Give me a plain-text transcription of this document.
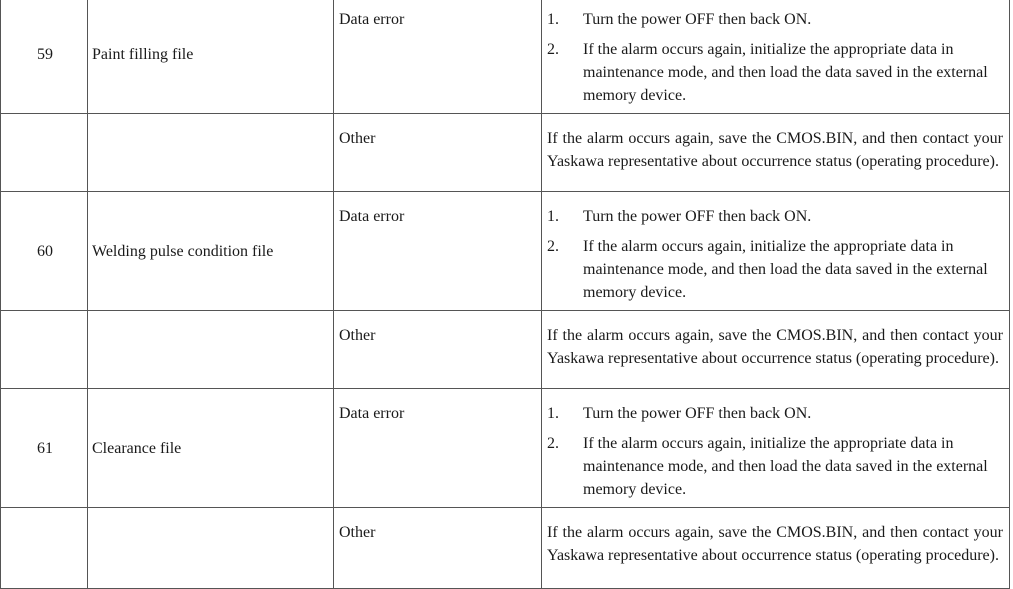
59	Paint filling file	Data error	1. Turn the power OFF then back ON.
2. If the alarm occurs again, initialize the appropriate data in maintenance mode, and then load the data saved in the external memory device.

		Other	If the alarm occurs again, save the CMOS.BIN, and then contact your Yaskawa representative about occurrence status (operating procedure).

60	Welding pulse condition file	Data error	1. Turn the power OFF then back ON.
2. If the alarm occurs again, initialize the appropriate data in maintenance mode, and then load the data saved in the external memory device.

		Other	If the alarm occurs again, save the CMOS.BIN, and then contact your Yaskawa representative about occurrence status (operating procedure).

61	Clearance file	Data error	1. Turn the power OFF then back ON.
2. If the alarm occurs again, initialize the appropriate data in maintenance mode, and then load the data saved in the external memory device.

		Other	If the alarm occurs again, save the CMOS.BIN, and then contact your Yaskawa representative about occurrence status (operating procedure).
